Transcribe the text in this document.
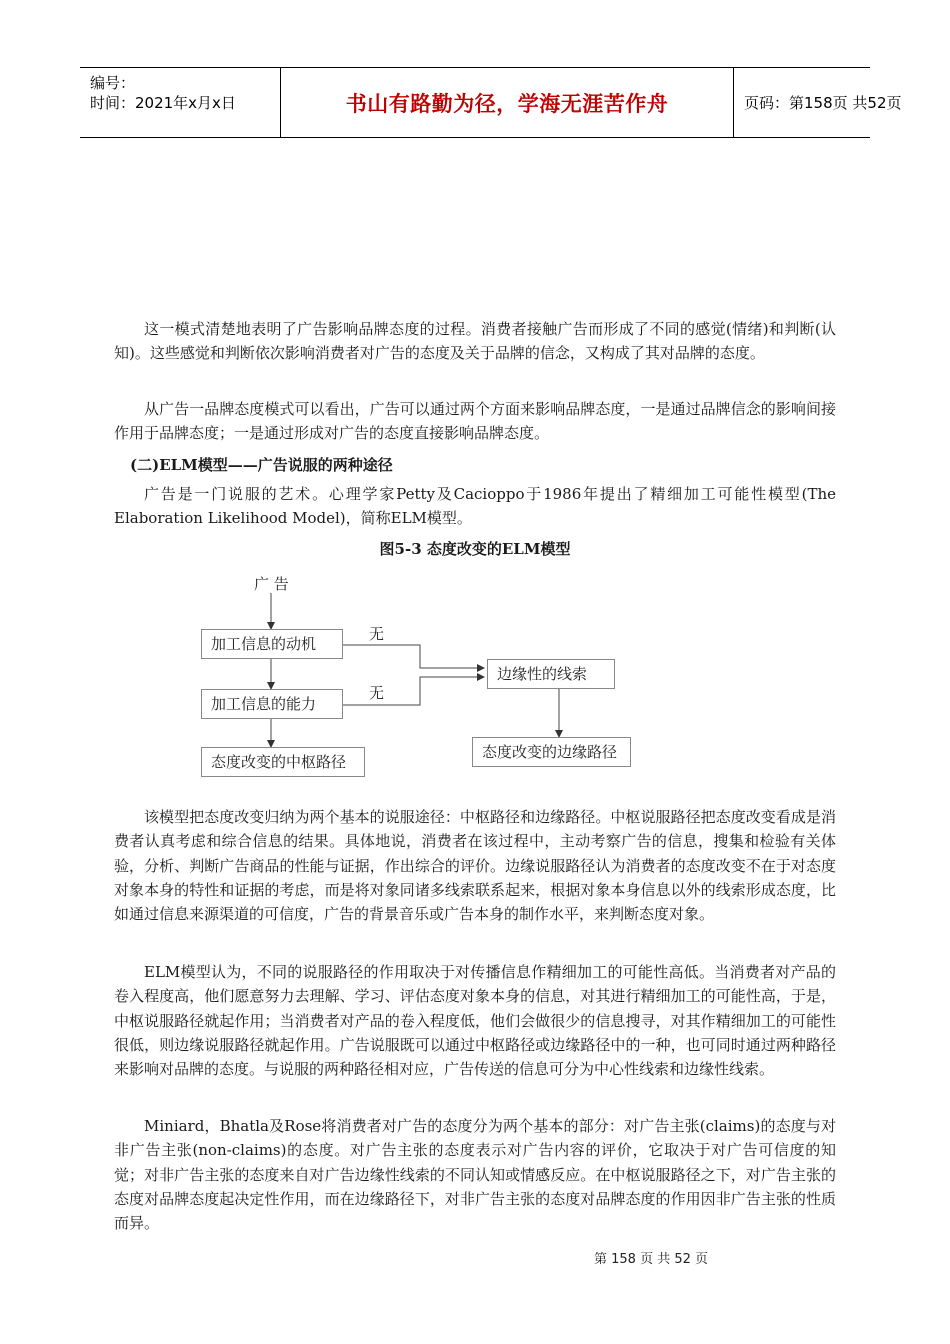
编号：
时间：2021年x月x日	书山有路勤为径，学海无涯苦作舟	页码：第158页 共52页

这一模式清楚地表明了广告影响品牌态度的过程。消费者接触广告而形成了不同的感觉(情绪)和判断(认知)。这些感觉和判断依次影响消费者对广告的态度及关于品牌的信念，又构成了其对品牌的态度。

从广告一品牌态度模式可以看出，广告可以通过两个方面来影响品牌态度，一是通过品牌信念的影响间接作用于品牌态度；一是通过形成对广告的态度直接影响品牌态度。

(二)ELM模型——广告说服的两种途径

广告是一门说服的艺术。心理学家Petty及Cacioppo于1986年提出了精细加工可能性模型(The Elaboration Likelihood Model)，简称ELM模型。

图5-3 态度改变的ELM模型
广 告
加工信息的动机
加工信息的能力
态度改变的中枢路径
边缘性的线索
态度改变的边缘路径
无
无

该模型把态度改变归纳为两个基本的说服途径：中枢路径和边缘路径。中枢说服路径把态度改变看成是消费者认真考虑和综合信息的结果。具体地说，消费者在该过程中，主动考察广告的信息，搜集和检验有关体验，分析、判断广告商品的性能与证据，作出综合的评价。边缘说服路径认为消费者的态度改变不在于对态度对象本身的特性和证据的考虑，而是将对象同诸多线索联系起来，根据对象本身信息以外的线索形成态度，比如通过信息来源渠道的可信度，广告的背景音乐或广告本身的制作水平，来判断态度对象。

ELM模型认为，不同的说服路径的作用取决于对传播信息作精细加工的可能性高低。当消费者对产品的卷入程度高，他们愿意努力去理解、学习、评估态度对象本身的信息，对其进行精细加工的可能性高，于是，中枢说服路径就起作用；当消费者对产品的卷入程度低，他们会做很少的信息搜寻，对其作精细加工的可能性很低，则边缘说服路径就起作用。广告说服既可以通过中枢路径或边缘路径中的一种，也可同时通过两种路径来影响对品牌的态度。与说服的两种路径相对应，广告传送的信息可分为中心性线索和边缘性线索。

Miniard，Bhatla及Rose将消费者对广告的态度分为两个基本的部分：对广告主张(claims)的态度与对非广告主张(non-claims)的态度。对广告主张的态度表示对广告内容的评价，它取决于对广告可信度的知觉；对非广告主张的态度来自对广告边缘性线索的不同认知或情感反应。在中枢说服路径之下，对广告主张的态度对品牌态度起决定性作用，而在边缘路径下，对非广告主张的态度对品牌态度的作用因非广告主张的性质而异。

第 158 页 共 52 页
